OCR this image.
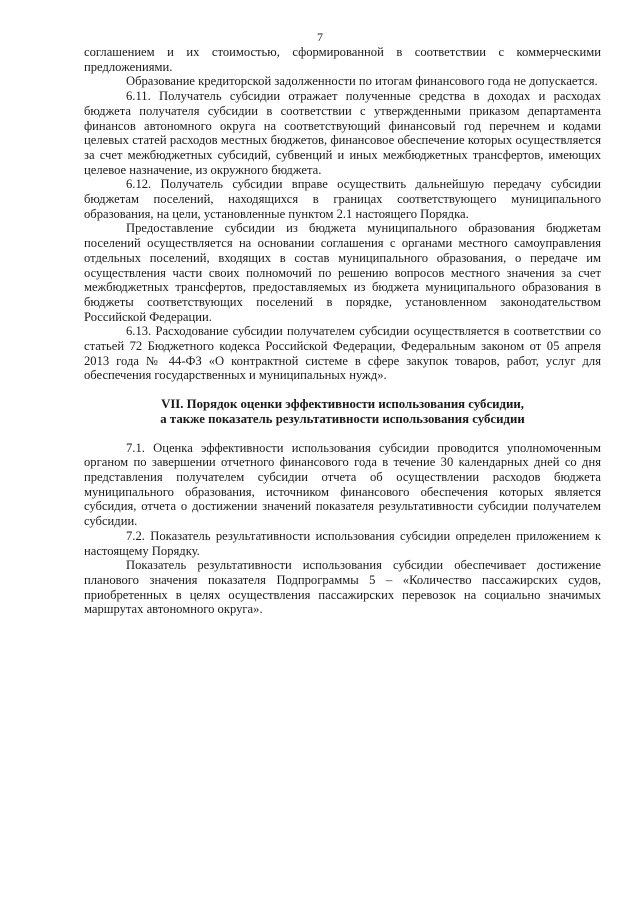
7

соглашением и их стоимостью, сформированной в соответствии с коммерческими предложениями.

Образование кредиторской задолженности по итогам финансового года не допускается.

6.11. Получатель субсидии отражает полученные средства в доходах и расходах бюджета получателя субсидии в соответствии с утвержденными приказом департамента финансов автономного округа на соответствующий финансовый год перечнем и кодами целевых статей расходов местных бюджетов, финансовое обеспечение которых осуществляется за счет межбюджетных субсидий, субвенций и иных межбюджетных трансфертов, имеющих целевое назначение, из окружного бюджета.

6.12. Получатель субсидии вправе осуществить дальнейшую передачу субсидии бюджетам поселений, находящихся в границах соответствующего муниципального образования, на цели, установленные пунктом 2.1 настоящего Порядка.

Предоставление субсидии из бюджета муниципального образования бюджетам поселений осуществляется на основании соглашения с органами местного самоуправления отдельных поселений, входящих в состав муниципального образования, о передаче им осуществления части своих полномочий по решению вопросов местного значения за счет межбюджетных трансфертов, предоставляемых из бюджета муниципального образования в бюджеты соответствующих поселений в порядке, установленном законодательством Российской Федерации.

6.13. Расходование субсидии получателем субсидии осуществляется в соответствии со статьей 72 Бюджетного кодекса Российской Федерации, Федеральным законом от 05 апреля 2013 года № 44-ФЗ «О контрактной системе в сфере закупок товаров, работ, услуг для обеспечения государственных и муниципальных нужд».

VII. Порядок оценки эффективности использования субсидии,

а также показатель результативности использования субсидии

7.1. Оценка эффективности использования субсидии проводится уполномоченным органом по завершении отчетного финансового года в течение 30 календарных дней со дня представления получателем субсидии отчета об осуществлении расходов бюджета муниципального образования, источником финансового обеспечения которых является субсидия, отчета о достижении значений показателя результативности субсидии получателем субсидии.

7.2. Показатель результативности использования субсидии определен приложением к настоящему Порядку.

Показатель результативности использования субсидии обеспечивает достижение планового значения показателя Подпрограммы 5 – «Количество пассажирских судов, приобретенных в целях осуществления пассажирских перевозок на социально значимых маршрутах автономного округа».
